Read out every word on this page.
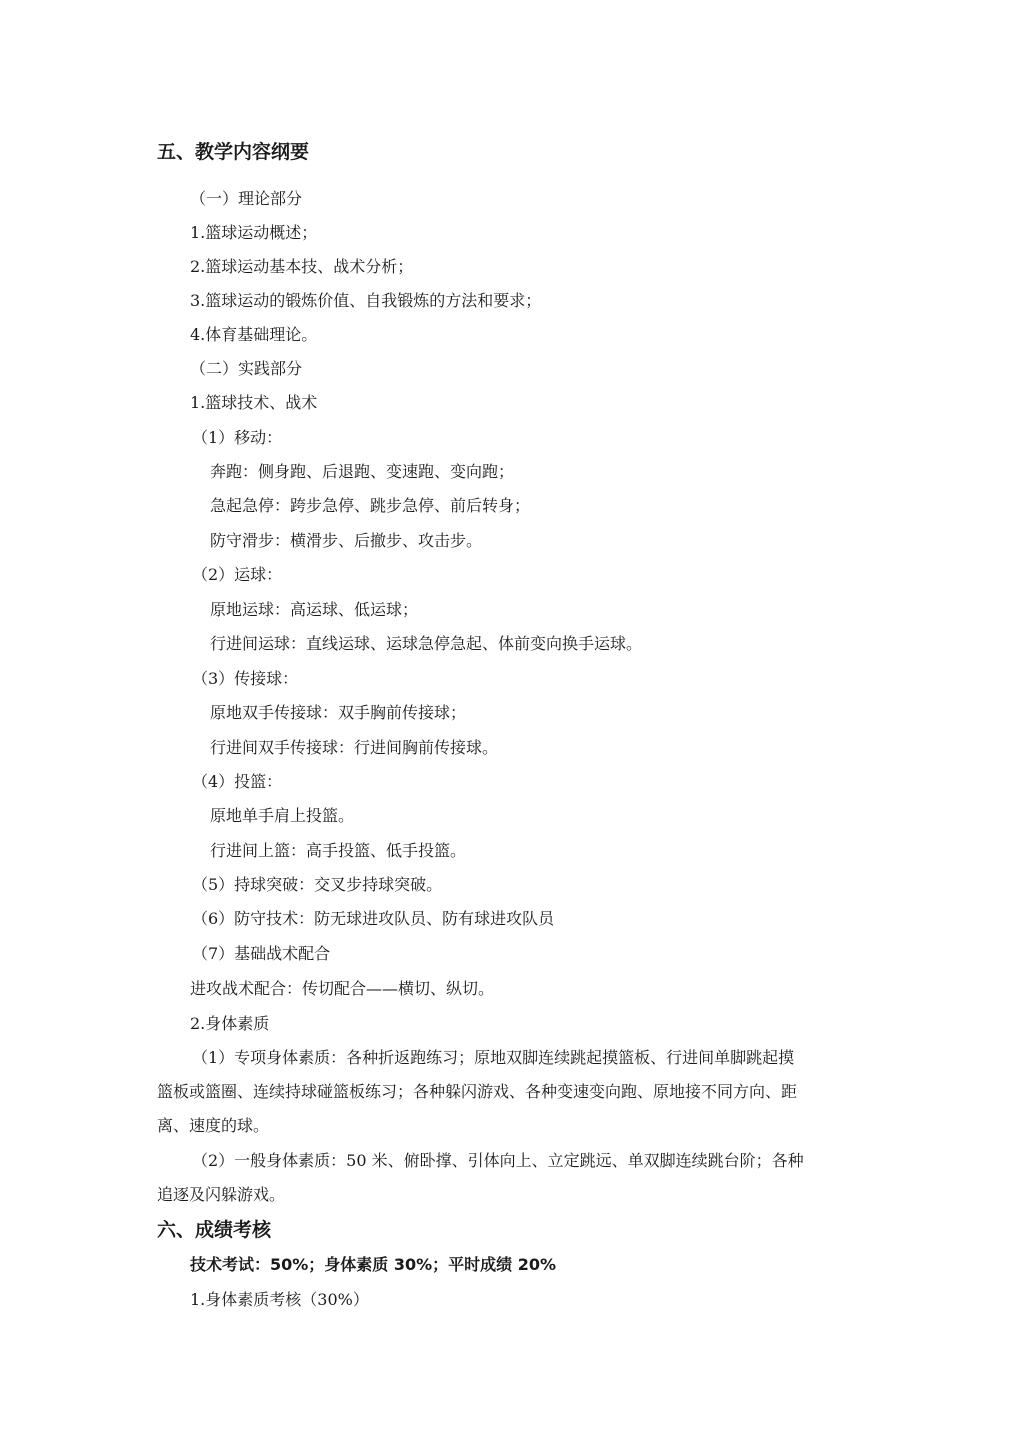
五、教学内容纲要
（一）理论部分
1.篮球运动概述；
2.篮球运动基本技、战术分析；
3.篮球运动的锻炼价值、自我锻炼的方法和要求；
4.体育基础理论。
（二）实践部分
1.篮球技术、战术
（1）移动：
奔跑：侧身跑、后退跑、变速跑、变向跑；
急起急停：跨步急停、跳步急停、前后转身；
防守滑步：横滑步、后撤步、攻击步。
（2）运球：
原地运球：高运球、低运球；
行进间运球：直线运球、运球急停急起、体前变向换手运球。
（3）传接球：
原地双手传接球：双手胸前传接球；
行进间双手传接球：行进间胸前传接球。
（4）投篮：
原地单手肩上投篮。
行进间上篮：高手投篮、低手投篮。
（5）持球突破：交叉步持球突破。
（6）防守技术：防无球进攻队员、防有球进攻队员
（7）基础战术配合
进攻战术配合：传切配合——横切、纵切。
2.身体素质
（1）专项身体素质：各种折返跑练习；原地双脚连续跳起摸篮板、行进间单脚跳起摸
篮板或篮圈、连续持球碰篮板练习；各种躲闪游戏、各种变速变向跑、原地接不同方向、距
离、速度的球。
（2）一般身体素质：50 米、俯卧撑、引体向上、立定跳远、单双脚连续跳台阶；各种
追逐及闪躲游戏。
六、成绩考核
技术考试：50%；身体素质 30%；平时成绩 20%
1.身体素质考核（30%）
